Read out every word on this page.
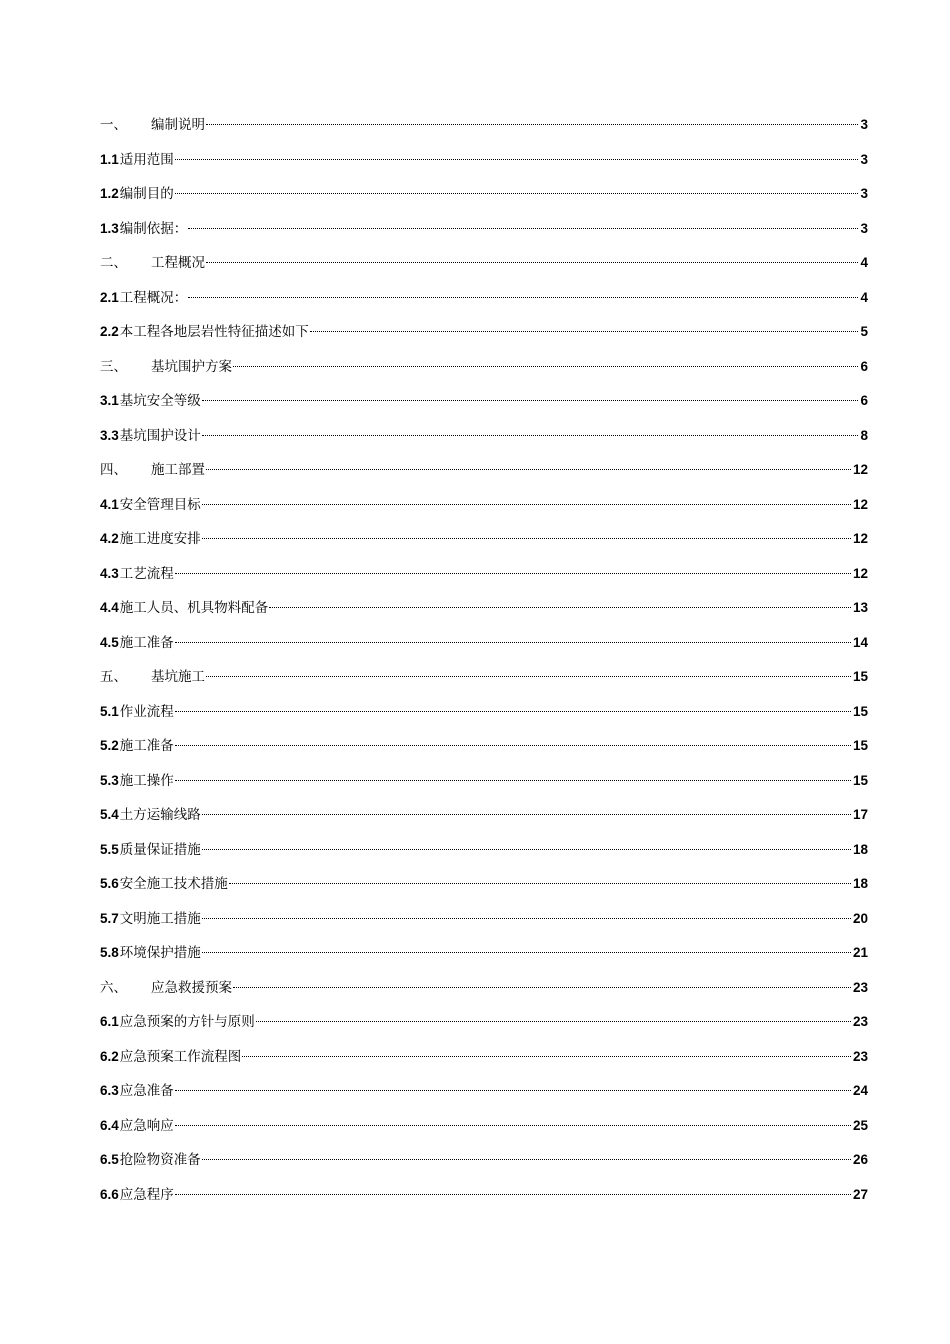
一、	编制说明	3
1.1 适用范围	3
1.2 编制目的	3
1.3 编制依据：	3
二、	工程概况	4
2.1 工程概况：	4
2.2 本工程各地层岩性特征描述如下	5
三、	基坑围护方案	6
3.1 基坑安全等级	6
3.3 基坑围护设计	8
四、	施工部置	12
4.1 安全管理目标	12
4.2 施工进度安排	12
4.3 工艺流程	12
4.4 施工人员、机具物料配备	13
4.5 施工准备	14
五、	基坑施工	15
5.1 作业流程	15
5.2 施工准备	15
5.3 施工操作	15
5.4 土方运输线路	17
5.5 质量保证措施	18
5.6 安全施工技术措施	18
5.7 文明施工措施	20
5.8 环境保护措施	21
六、	应急救援预案	23
6.1 应急预案的方针与原则	23
6.2 应急预案工作流程图	23
6.3 应急准备	24
6.4 应急响应	25
6.5 抢险物资准备	26
6.6 应急程序	27
